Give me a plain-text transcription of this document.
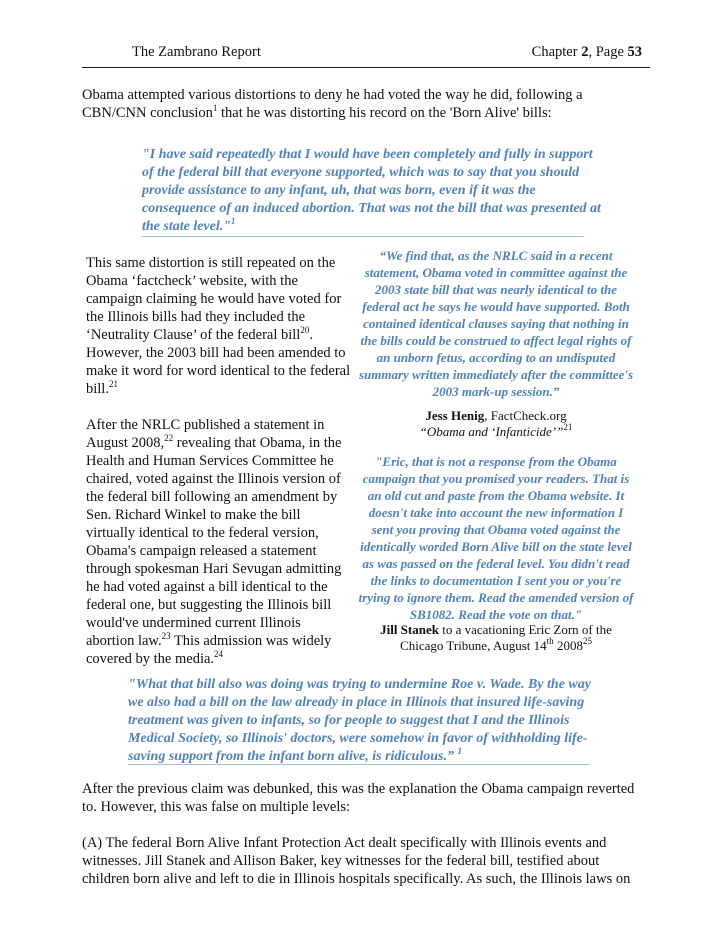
The Zambrano Report	Chapter 2, Page 53
Obama attempted various distortions to deny he had voted the way he did, following a CBN/CNN conclusion$^1$ that he was distorting his record on the 'Born Alive' bills:
"I have said repeatedly that I would have been completely and fully in support of the federal bill that everyone supported, which was to say that you should provide assistance to any infant, uh, that was born, even if it was the consequence of an induced abortion. That was not the bill that was presented at the state level."$^1$
This same distortion is still repeated on the Obama ‘factcheck’ website, with the campaign claiming he would have voted for the Illinois bills had they included the ‘Neutrality Clause’ of the federal bill$^{20}$. However, the 2003 bill had been amended to make it word for word identical to the federal bill.$^{21}$
After the NRLC published a statement in August 2008,22 revealing that Obama, in the Health and Human Services Committee he chaired, voted against the Illinois version of the federal bill following an amendment by Sen. Richard Winkel to make the bill virtually identical to the federal version, Obama's campaign released a statement through spokesman Hari Sevugan admitting he had voted against a bill identical to the federal one, but suggesting the Illinois bill would've undermined current Illinois abortion law.$^{23}$ This admission was widely covered by the media.$^{24}$
“We find that, as the NRLC said in a recent statement, Obama voted in committee against the 2003 state bill that was nearly identical to the federal act he says he would have supported. Both contained identical clauses saying that nothing in the bills could be construed to affect legal rights of an unborn fetus, according to an undisputed summary written immediately after the committee's 2003 mark-up session.”
Jess Henig, FactCheck.org
“Obama and ‘Infanticide’”$^{21}$
"Eric, that is not a response from the Obama campaign that you promised your readers. That is an old cut and paste from the Obama website. It doesn't take into account the new information I sent you proving that Obama voted against the identically worded Born Alive bill on the state level as was passed on the federal level. You didn't read the links to documentation I sent you or you're trying to ignore them. Read the amended version of SB1082. Read the vote on that."
Jill Stanek to a vacationing Eric Zorn of the Chicago Tribune, August 14th 2008$^{25}$
"What that bill also was doing was trying to undermine Roe v. Wade. By the way we also had a bill on the law already in place in Illinois that insured life-saving treatment was given to infants, so for people to suggest that I and the Illinois Medical Society, so Illinois' doctors, were somehow in favor of withholding life-saving support from the infant born alive, is ridiculous.” $^1$
After the previous claim was debunked, this was the explanation the Obama campaign reverted to. However, this was false on multiple levels:
(A) The federal Born Alive Infant Protection Act dealt specifically with Illinois events and witnesses. Jill Stanek and Allison Baker, key witnesses for the federal bill, testified about children born alive and left to die in Illinois hospitals specifically. As such, the Illinois laws on
